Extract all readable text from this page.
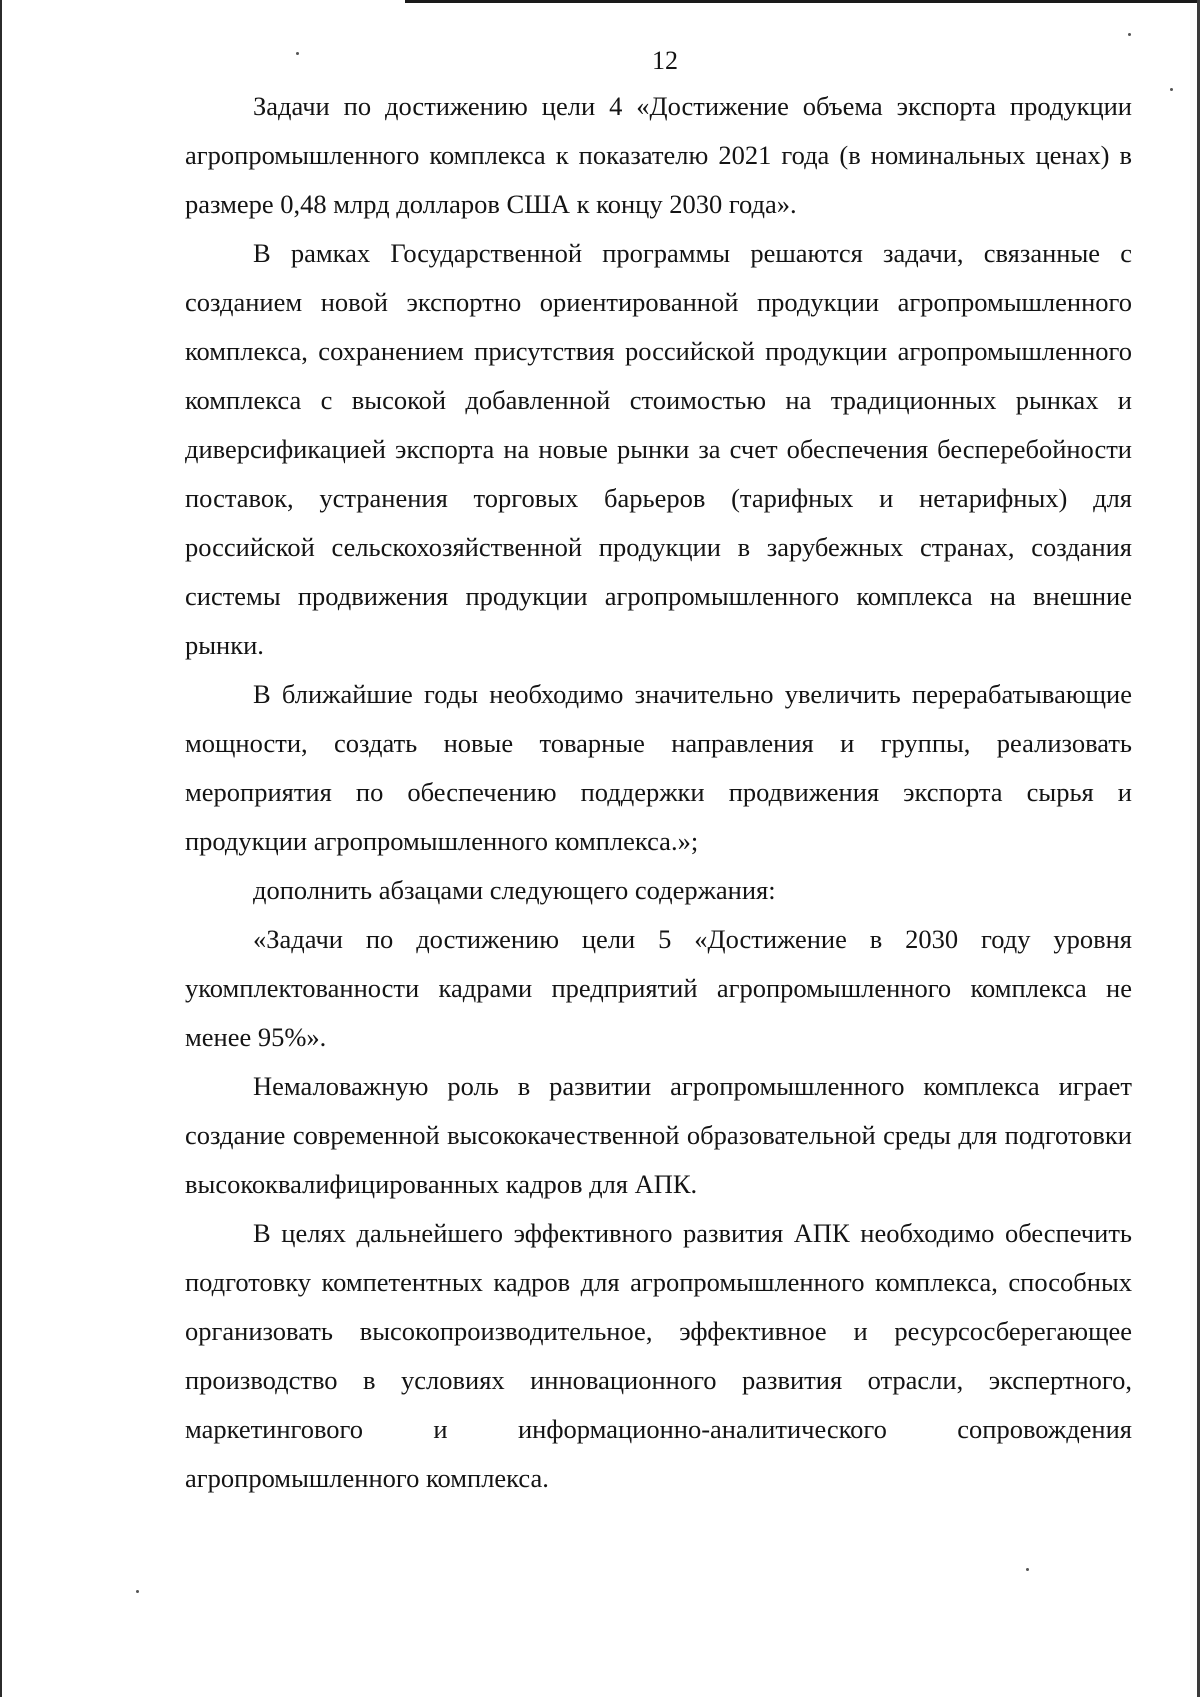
12

Задачи по достижению цели 4 «Достижение объема экспорта продукции агропромышленного комплекса к показателю 2021 года (в номинальных ценах) в размере 0,48 млрд долларов США к концу 2030 года».

В рамках Государственной программы решаются задачи, связанные с созданием новой экспортно ориентированной продукции агропромышленного комплекса, сохранением присутствия российской продукции агропромышленного комплекса с высокой добавленной стоимостью на традиционных рынках и диверсификацией экспорта на новые рынки за счет обеспечения бесперебойности поставок, устранения торговых барьеров (тарифных и нетарифных) для российской сельскохозяйственной продукции в зарубежных странах, создания системы продвижения продукции агропромышленного комплекса на внешние рынки.

В ближайшие годы необходимо значительно увеличить перерабатывающие мощности, создать новые товарные направления и группы, реализовать мероприятия по обеспечению поддержки продвижения экспорта сырья и продукции агропромышленного комплекса.»;

дополнить абзацами следующего содержания:

«Задачи по достижению цели 5 «Достижение в 2030 году уровня укомплектованности кадрами предприятий агропромышленного комплекса не менее 95%».

Немаловажную роль в развитии агропромышленного комплекса играет создание современной высококачественной образовательной среды для подготовки высококвалифицированных кадров для АПК.

В целях дальнейшего эффективного развития АПК необходимо обеспечить подготовку компетентных кадров для агропромышленного комплекса, способных организовать высокопроизводительное, эффективное и ресурсосберегающее производство в условиях инновационного развития отрасли, экспертного, маркетингового и информационно-аналитического сопровождения агропромышленного комплекса.
